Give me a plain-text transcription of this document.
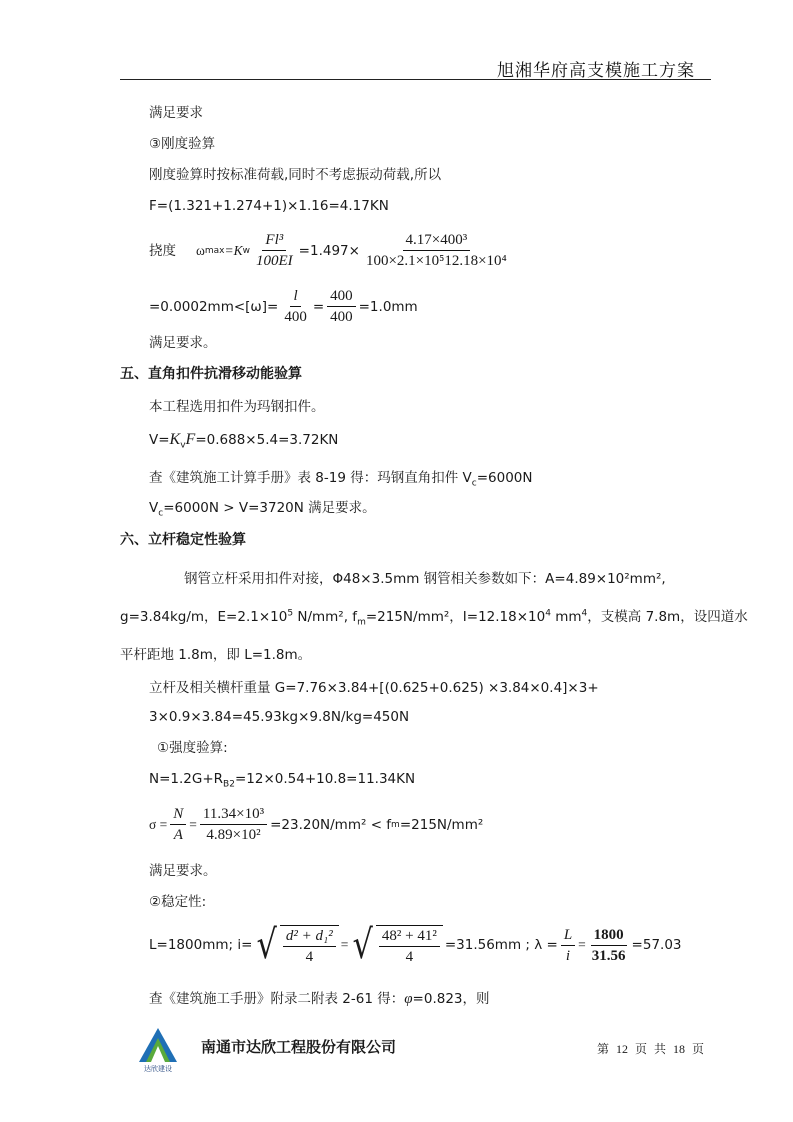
旭湘华府高支模施工方案
满足要求
③刚度验算
刚度验算时按标准荷载,同时不考虑振动荷载,所以
F=(1.321+1.274+1)×1.16=4.17KN
挠度 ω max =K w $\frac{\text{Fl³}}{100EI} =1.497\times \frac{\text{4.17×400³}}{\text{100×2.1×10⁵12.18×10⁴}}$
$=0.0002mm<[\omega]= \frac{l}{400} = \frac{400}{400} =1.0mm$
满足要求。
五、直角扣件抗滑移动能验算
本工程选用扣件为玛钢扣件。
$V=K_vF=0.688\times 5.4=3.72KN$
查《建筑施工计算手册》表 8-19 得：玛钢直角扣件 $V_c=6000N$
$V_c=6000N > V=3720N$ 满足要求。
六、立杆稳定性验算
钢管立杆采用扣件对接，Φ48×3.5mm 钢管相关参数如下：A=4.89×10²mm²,
g=3.84kg/m，$E=2.1\times 10^5$ N/mm², $f_m=215N$/mm²，$I=12.18\times 10^4$ $mm^4$，支模高 7.8m，设四道水
平杆距地 1.8m，即 L=1.8m。
立杆及相关横杆重量 G=7.76×3.84+[(0.625+0.625) ×3.84×0.4]×3+
3×0.9×3.84=45.93kg×9.8N/kg=450N
①强度验算:
$N=1.2G+R_{B2}=12\times 0.54+10.8=11.34KN$
$\sigma = \frac{N}{A} = \frac{\text{11.34×10³}}{\text{4.89×10²}} =23.20N/mm^2 < f$ m =215N/mm²
满足要求。
②稳定性:
L=1800mm; i= √ $\frac{\text{d² + d₁²}}{4}$ = √ $\frac{\text{48² + 41²}}{4} =31.56mm$ ; $\lambda = \frac{L}{i} = \frac{1800}{31.56} =57.03$
查《建筑施工手册》附录二附表 2-61 得：φ=0.823，则
达欣建设
南通市达欣工程股份有限公司	第 12 页 共 18 页
